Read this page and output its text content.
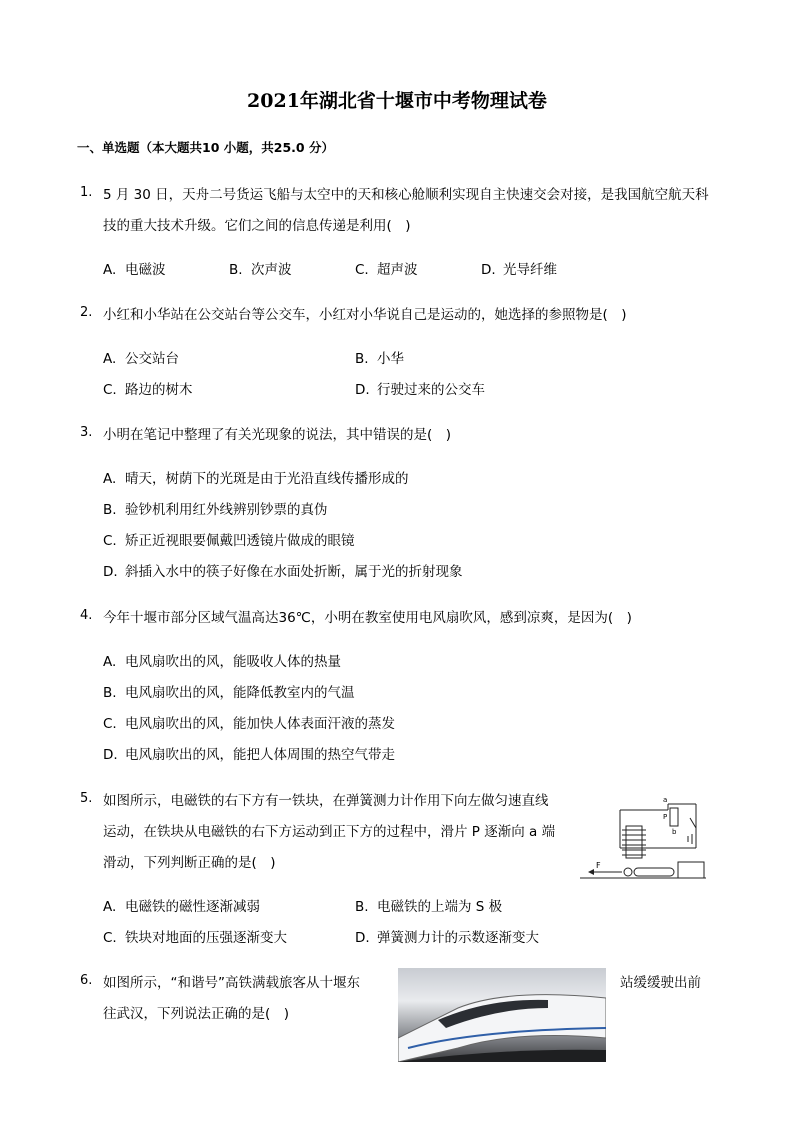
2021年湖北省十堰市中考物理试卷
一、单选题（本大题共10 小题，共25.0 分）
1. 5 月 30 日，天舟二号货运飞船与太空中的天和核心舱顺利实现自主快速交会对接，是我国航空航天科
技的重大技术升级。它们之间的信息传递是利用(　)
A. 电磁波	B. 次声波	C. 超声波	D. 光导纤维
2. 小红和小华站在公交站台等公交车，小红对小华说自己是运动的，她选择的参照物是(　)
A. 公交站台	B. 小华
C. 路边的树木	D. 行驶过来的公交车
3. 小明在笔记中整理了有关光现象的说法，其中错误的是(　)
A. 晴天，树荫下的光斑是由于光沿直线传播形成的
B. 验钞机利用红外线辨别钞票的真伪
C. 矫正近视眼要佩戴凹透镜片做成的眼镜
D. 斜插入水中的筷子好像在水面处折断，属于光的折射现象
4. 今年十堰市部分区域气温高达36℃，小明在教室使用电风扇吹风，感到凉爽，是因为(　)
A. 电风扇吹出的风，能吸收人体的热量
B. 电风扇吹出的风，能降低教室内的气温
C. 电风扇吹出的风，能加快人体表面汗液的蒸发
D. 电风扇吹出的风，能把人体周围的热空气带走
5. 如图所示，电磁铁的右下方有一铁块，在弹簧测力计作用下向左做匀速直线
运动，在铁块从电磁铁的右下方运动到正下方的过程中，滑片 P 逐渐向 a 端
滑动，下列判断正确的是(　)	F
a
P
b
A. 电磁铁的磁性逐渐减弱	B. 电磁铁的上端为 S 极
C. 铁块对地面的压强逐渐变大	D. 弹簧测力计的示数逐渐变大
6. 如图所示，“和谐号”高铁满载旅客从十堰东	站缓缓驶出前
往武汉，下列说法正确的是(　)
